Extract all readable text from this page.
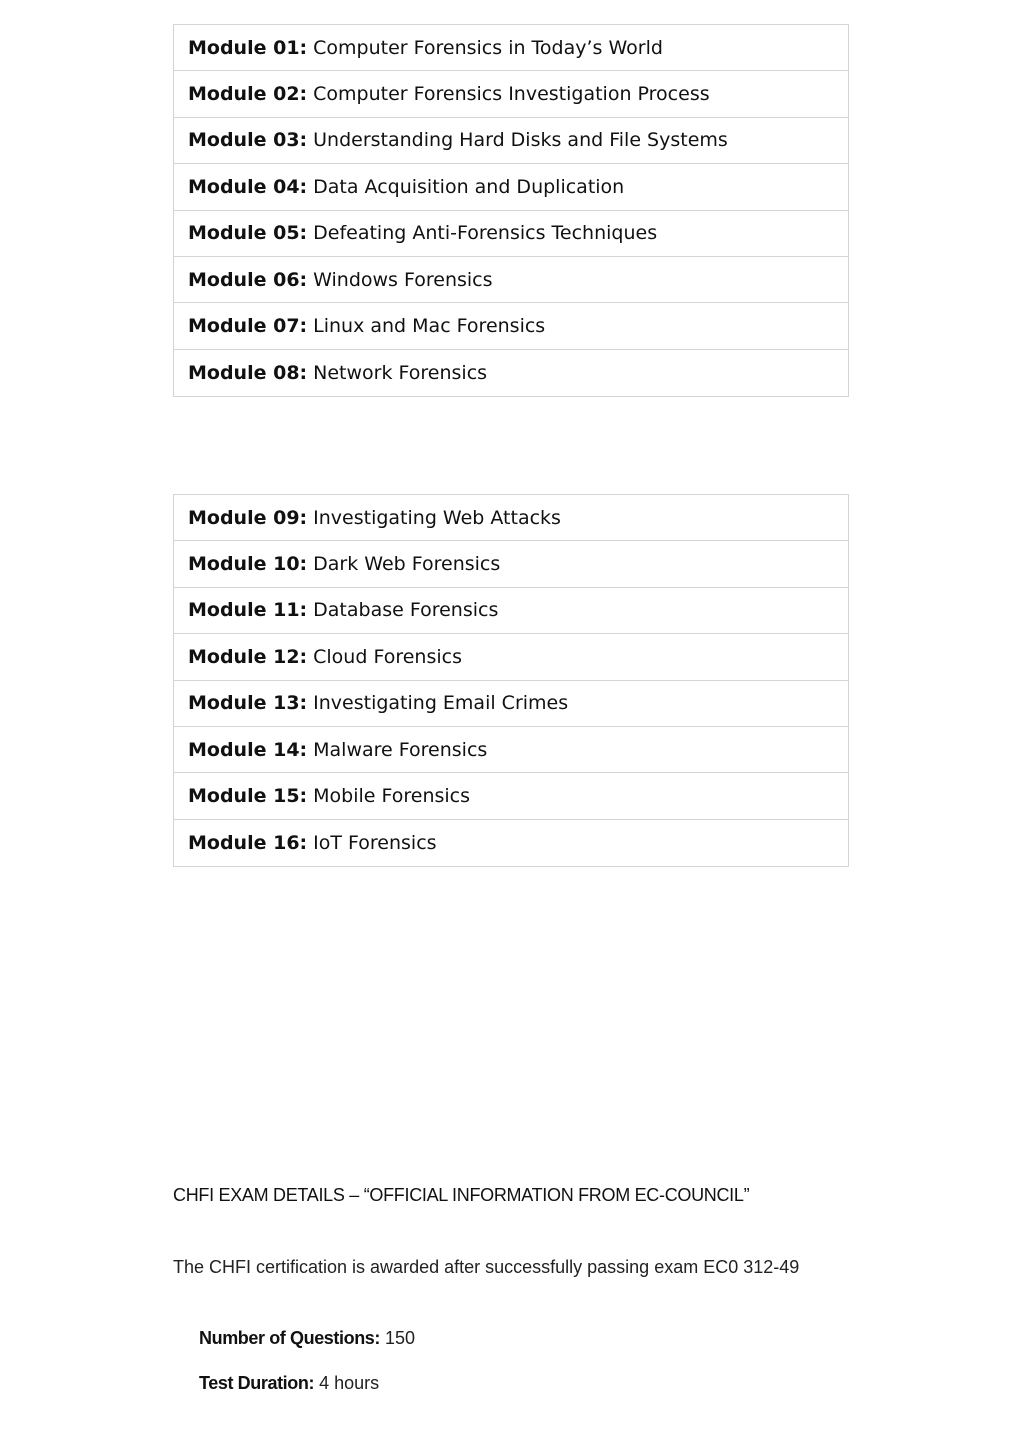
Module 01: Computer Forensics in Today’s World
Module 02: Computer Forensics Investigation Process
Module 03: Understanding Hard Disks and File Systems
Module 04: Data Acquisition and Duplication
Module 05: Defeating Anti-Forensics Techniques
Module 06: Windows Forensics
Module 07: Linux and Mac Forensics
Module 08: Network Forensics
Module 09: Investigating Web Attacks
Module 10: Dark Web Forensics
Module 11: Database Forensics
Module 12: Cloud Forensics
Module 13: Investigating Email Crimes
Module 14: Malware Forensics
Module 15: Mobile Forensics
Module 16: IoT Forensics
CHFI EXAM DETAILS – “OFFICIAL INFORMATION FROM EC-COUNCIL”
The CHFI certification is awarded after successfully passing exam EC0 312-49
Number of Questions: 150
Test Duration: 4 hours
